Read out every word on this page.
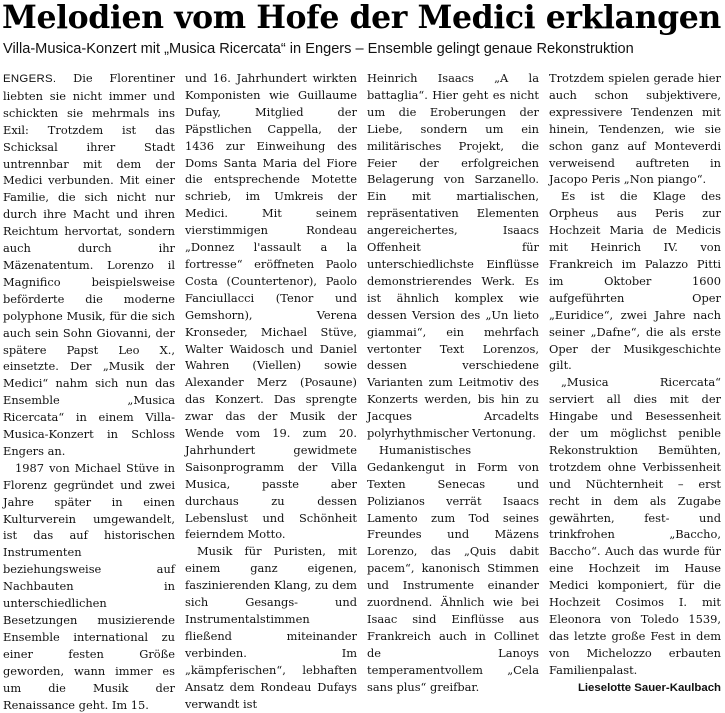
Melodien vom Hofe der Medici erklangen
Villa-Musica-Konzert mit „Musica Ricercata“ in Engers – Ensemble gelingt genaue Rekonstruktion

ENGERS. Die Florentiner liebten sie nicht immer und schickten sie mehrmals ins Exil: Trotzdem ist das Schicksal ihrer Stadt untrennbar mit dem der Medici verbunden. Mit einer Familie, die sich nicht nur durch ihre Macht und ihren Reichtum hervortat, sondern auch durch ihr Mäzenatentum. Lorenzo il Magnifico beispielsweise beförderte die moderne polyphone Musik, für die sich auch sein Sohn Giovanni, der spätere Papst Leo X., einsetzte. Der „Musik der Medici“ nahm sich nun das Ensemble „Musica Ricercata“ in einem Villa-Musica-Konzert in Schloss Engers an.

1987 von Michael Stüve in Florenz gegründet und zwei Jahre später in einen Kulturverein umgewandelt, ist das auf historischen Instrumenten beziehungsweise auf Nachbauten in unterschiedlichen Besetzungen musizierende Ensemble international zu einer festen Größe geworden, wann immer es um die Musik der Renaissance geht. Im 15.

und 16. Jahrhundert wirkten Komponisten wie Guillaume Dufay, Mitglied der Päpstlichen Cappella, der 1436 zur Einweihung des Doms Santa Maria del Fiore die entsprechende Motette schrieb, im Umkreis der Medici. Mit seinem vierstimmigen Rondeau „Donnez l'assault a la fortresse“ eröffneten Paolo Costa (Countertenor), Paolo Fanciullacci (Tenor und Gemshorn), Verena Kronseder, Michael Stüve, Walter Waidosch und Daniel Wahren (Viellen) sowie Alexander Merz (Posaune) das Konzert. Das sprengte zwar das der Musik der Wende vom 19. zum 20. Jahrhundert gewidmete Saisonprogramm der Villa Musica, passte aber durchaus zu dessen Lebenslust und Schönheit feierndem Motto.

Musik für Puristen, mit einem ganz eigenen, faszinierenden Klang, zu dem sich Gesangs- und Instrumentalstimmen fließend miteinander verbinden. Im „kämpferischen“, lebhaften Ansatz dem Rondeau Dufays verwandt ist

Heinrich Isaacs „A la battaglia“. Hier geht es nicht um die Eroberungen der Liebe, sondern um ein militärisches Projekt, die Feier der erfolgreichen Belagerung von Sarzanello. Ein mit martialischen, repräsentativen Elementen angereichertes, Isaacs Offenheit für unterschiedlichste Einflüsse demonstrierendes Werk. Es ist ähnlich komplex wie dessen Version des „Un lieto giammai“, ein mehrfach vertonter Text Lorenzos, dessen verschiedene Varianten zum Leitmotiv des Konzerts werden, bis hin zu Jacques Arcadelts polyrhythmischer Vertonung.

Humanistisches Gedankengut in Form von Texten Senecas und Polizianos verrät Isaacs Lamento zum Tod seines Freundes und Mäzens Lorenzo, das „Quis dabit pacem“, kanonisch Stimmen und Instrumente einander zuordnend. Ähnlich wie bei Isaac sind Einflüsse aus Frankreich auch in Collinet de Lanoys temperamentvollem „Cela sans plus“ greifbar.

Trotzdem spielen gerade hier auch schon subjektivere, expressivere Tendenzen mit hinein, Tendenzen, wie sie schon ganz auf Monteverdi verweisend auftreten in Jacopo Peris „Non piango“.

Es ist die Klage des Orpheus aus Peris zur Hochzeit Maria de Medicis mit Heinrich IV. von Frankreich im Palazzo Pitti im Oktober 1600 aufgeführten Oper „Euridice“, zwei Jahre nach seiner „Dafne“, die als erste Oper der Musikgeschichte gilt.

„Musica Ricercata“ serviert all dies mit der Hingabe und Besessenheit der um möglichst penible Rekonstruktion Bemühten, trotzdem ohne Verbissenheit und Nüchternheit – erst recht in dem als Zugabe gewährten, fest- und trinkfrohen „Baccho, Baccho“. Auch das wurde für eine Hochzeit im Hause Medici komponiert, für die Hochzeit Cosimos I. mit Eleonora von Toledo 1539, das letzte große Fest in dem von Michelozzo erbauten Familienpalast.

Lieselotte Sauer-Kaulbach
